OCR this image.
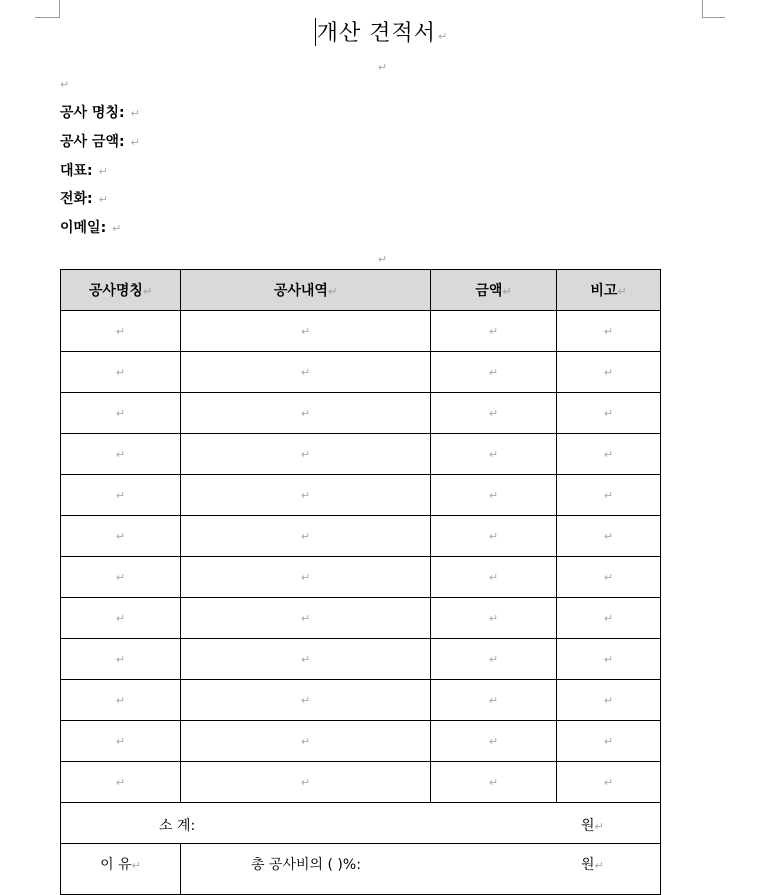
개산 견적서 ↵
↵
↵
공사 명칭: ↵
공사 금액: ↵
대표: ↵
전화: ↵
이메일: ↵
↵
공사명칭↵	공사내역↵	금액↵	비고↵
↵	↵	↵	↵
↵	↵	↵	↵
↵	↵	↵	↵
↵	↵	↵	↵
↵	↵	↵	↵
↵	↵	↵	↵
↵	↵	↵	↵
↵	↵	↵	↵
↵	↵	↵	↵
↵	↵	↵	↵
↵	↵	↵	↵
↵	↵	↵	↵

소 계: 원↵			

이 유↵	총 공사비의 ( )%: 원↵		
